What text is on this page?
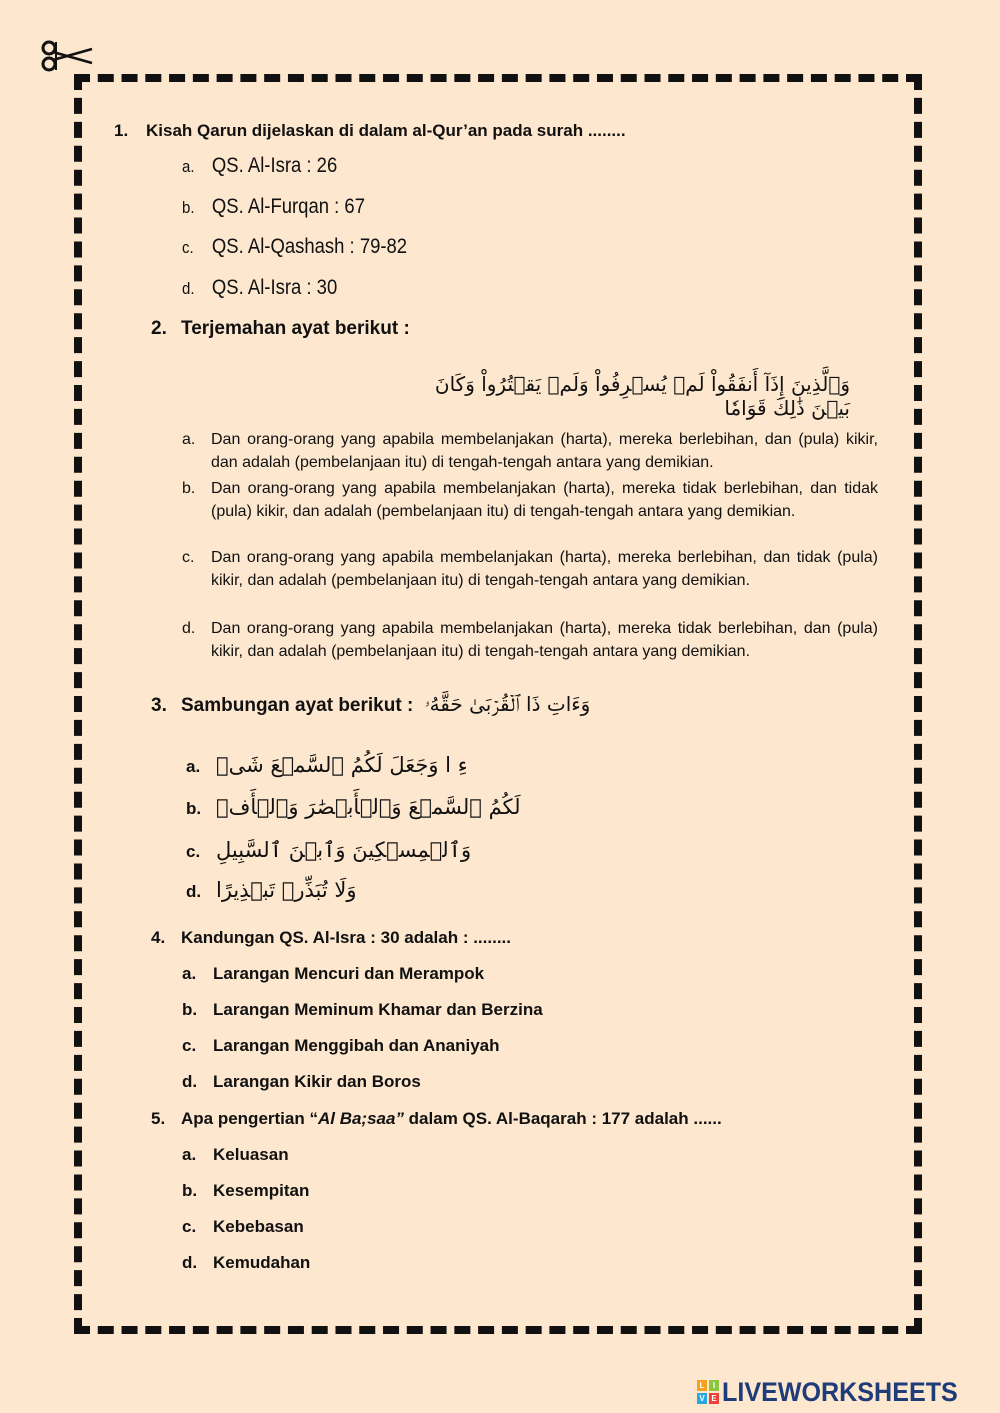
1. Kisah Qarun dijelaskan di dalam al-Qur’an pada surah ........
a. QS. Al-Isra : 26
b. QS. Al-Furqan : 67
c. QS. Al-Qashash : 79-82
d. QS. Al-Isra : 30
2. Terjemahan ayat berikut :
وَٱلَّذِينَ إِذَآ أَنفَقُواْ لَمۡ يُسۡرِفُواْ وَلَمۡ يَقۡتُرُواْ وَكَانَ بَيۡنَ ذَٰلِكَ قَوَامٗا
a. Dan orang-orang yang apabila membelanjakan (harta), mereka berlebihan, dan (pula) kikir, dan adalah (pembelanjaan itu) di tengah-tengah antara yang demikian.
b. Dan orang-orang yang apabila membelanjakan (harta), mereka tidak berlebihan, dan tidak (pula) kikir, dan adalah (pembelanjaan itu) di tengah-tengah antara yang demikian.
c. Dan orang-orang yang apabila membelanjakan (harta), mereka berlebihan, dan tidak (pula) kikir, dan adalah (pembelanjaan itu) di tengah-tengah antara yang demikian.
d. Dan orang-orang yang apabila membelanjakan (harta), mereka tidak berlebihan, dan (pula) kikir, dan adalah (pembelanjaan itu) di tengah-tengah antara yang demikian.
3. Sambungan ayat berikut : وَءَاتِ ذَا ٱلۡقُرۡبَىٰ حَقَّهُۥ
a. ءِ ا وَجَعَلَ لَكُمُ ٱلسَّمۡعَ شَىۡ
b. لَكُمُ ٱلسَّمۡعَ وَٱلۡأَبۡصَٰرَ وَٱلۡأَفۡ
c. وَٱلۡمِسۡكِينَ وَٱبۡنَ ٱلسَّبِيلِ
d. وَلَا تُبَذِّرۡ تَبۡذِيرًا
4. Kandungan QS. Al-Isra : 30 adalah : ........
a. Larangan Mencuri dan Merampok
b. Larangan Meminum Khamar dan Berzina
c. Larangan Menggibah dan Ananiyah
d. Larangan Kikir dan Boros
5. Apa pengertian “Al Ba;saa” dalam QS. Al-Baqarah : 177 adalah ......
a. Keluasan
b. Kesempitan
c. Kebebasan
d. Kemudahan
L	I
V E LIVEWORKSHEETS
